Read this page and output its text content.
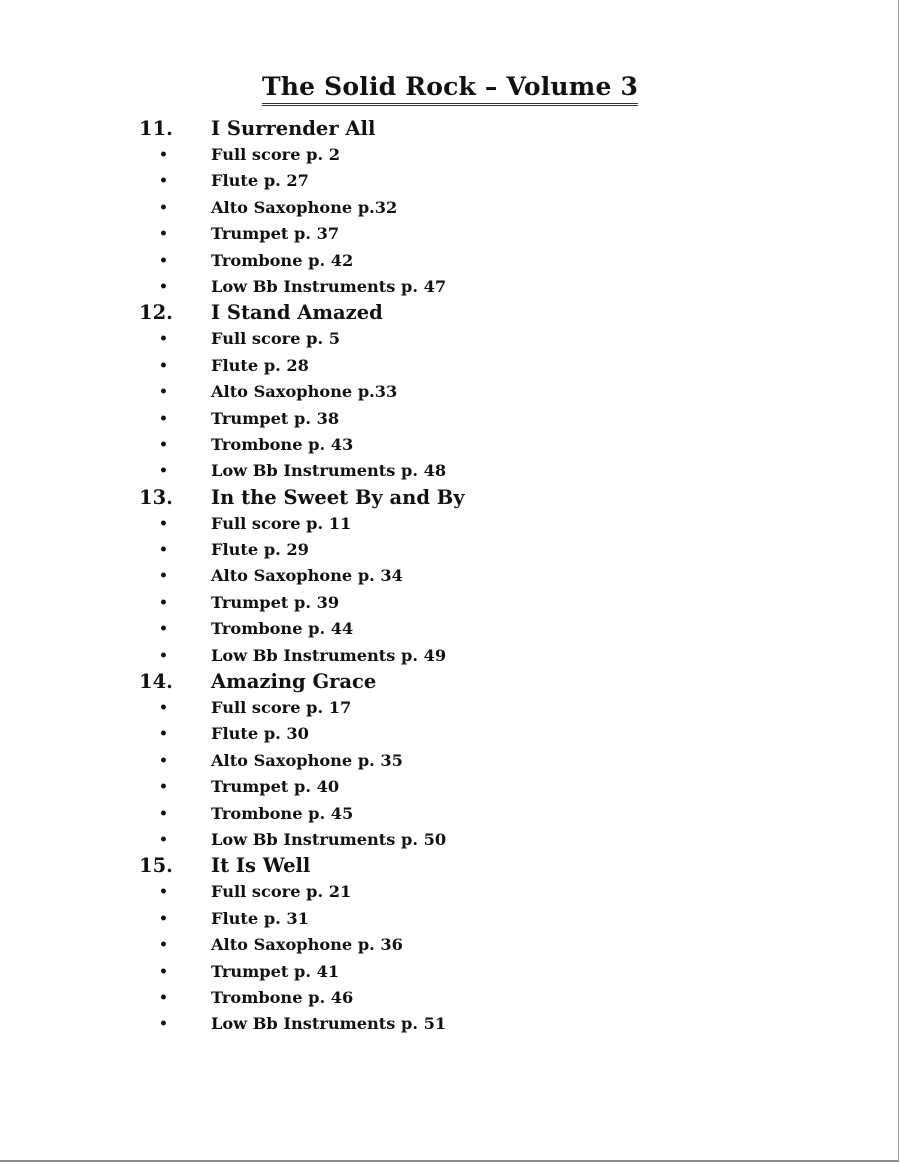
The Solid Rock – Volume 3
11. I Surrender All
•	Full score p. 2
•	Flute p. 27
•	Alto Saxophone p.32
•	Trumpet p. 37
•	Trombone p. 42
•	Low Bb Instruments p. 47
12. I Stand Amazed
•	Full score p. 5
•	Flute p. 28
•	Alto Saxophone p.33
•	Trumpet p. 38
•	Trombone p. 43
•	Low Bb Instruments p. 48
13. In the Sweet By and By
•	Full score p. 11
•	Flute p. 29
•	Alto Saxophone p. 34
•	Trumpet p. 39
•	Trombone p. 44
•	Low Bb Instruments p. 49
14. Amazing Grace
•	Full score p. 17
•	Flute p. 30
•	Alto Saxophone p. 35
•	Trumpet p. 40
•	Trombone p. 45
•	Low Bb Instruments p. 50
15. It Is Well
•	Full score p. 21
•	Flute p. 31
•	Alto Saxophone p. 36
•	Trumpet p. 41
•	Trombone p. 46
•	Low Bb Instruments p. 51
